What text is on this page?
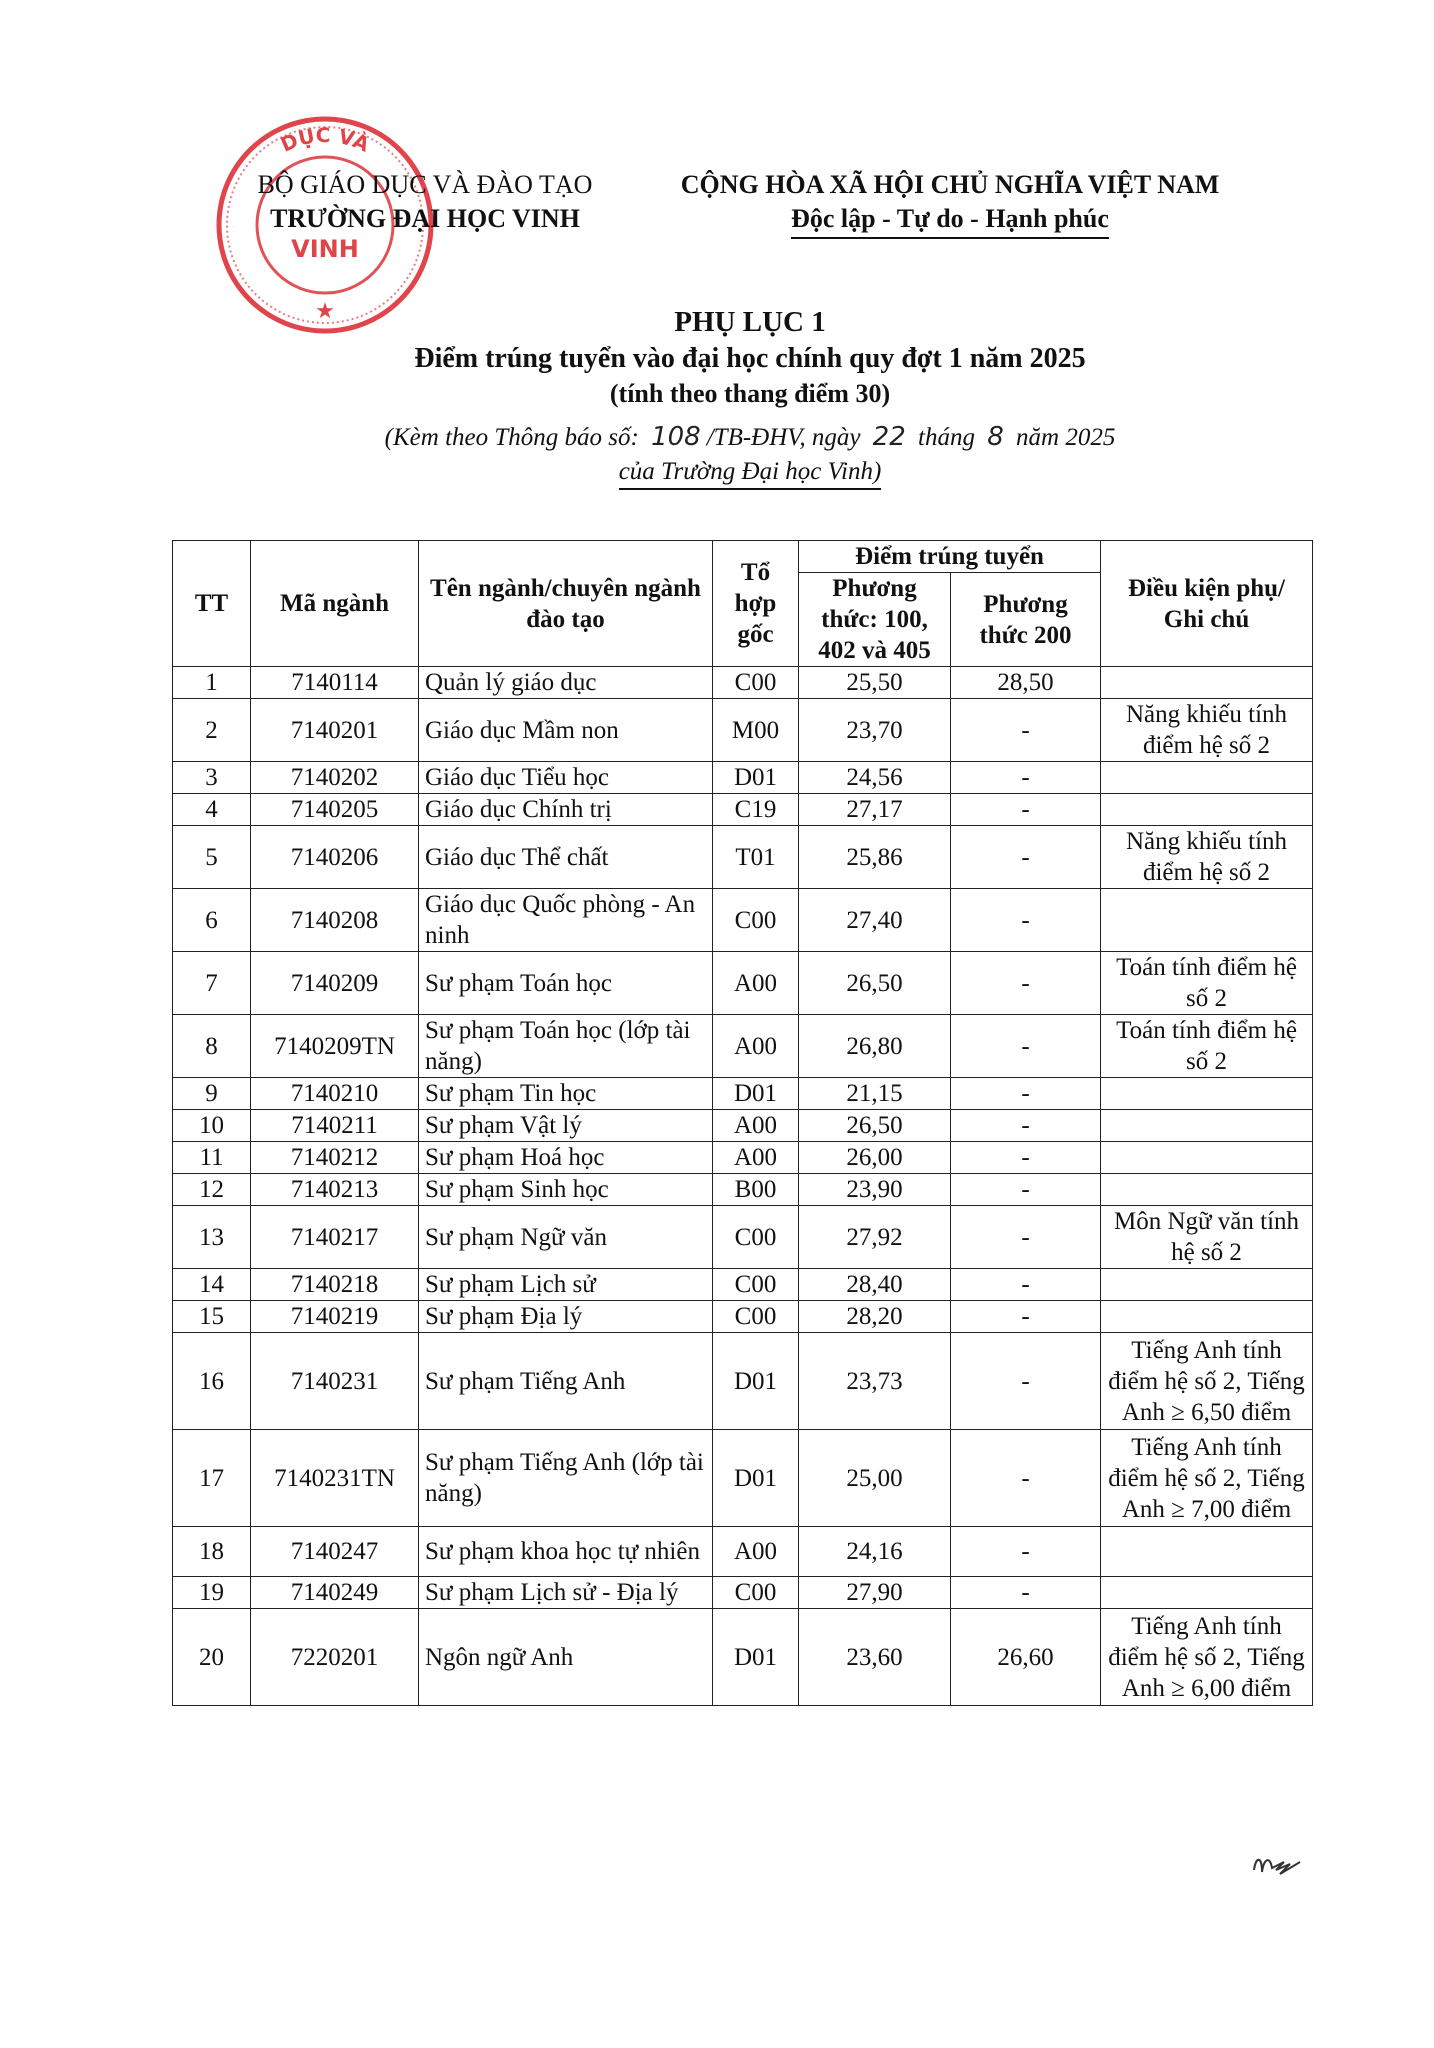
DỤC VÀ
VINH
★
BỘ GIÁO DỤC VÀ ĐÀO TẠO
TRƯỜNG ĐẠI HỌC VINH
CỘNG HÒA XÃ HỘI CHỦ NGHĨA VIỆT NAM
Độc lập - Tự do - Hạnh phúc
PHỤ LỤC 1
Điểm trúng tuyển vào đại học chính quy đợt 1 năm 2025
(tính theo thang điểm 30)
(Kèm theo Thông báo số: 108 /TB-ĐHV, ngày 22 tháng 8 năm 2025
của Trường Đại học Vinh)
TT	Mã ngành	Tên ngành/chuyên ngành đào tạo	Tổ hợp gốc	Điểm trúng tuyển		Điều kiện phụ/ Ghi chú
				Phương thức: 100, 402 và 405	Phương thức 200	
1	7140114	Quản lý giáo dục	C00	25,50	28,50	
2	7140201	Giáo dục Mầm non	M00	23,70	-	Năng khiếu tính điểm hệ số 2
3	7140202	Giáo dục Tiểu học	D01	24,56	-	
4	7140205	Giáo dục Chính trị	C19	27,17	-	
5	7140206	Giáo dục Thể chất	T01	25,86	-	Năng khiếu tính điểm hệ số 2
6	7140208	Giáo dục Quốc phòng - An ninh	C00	27,40	-	
7	7140209	Sư phạm Toán học	A00	26,50	-	Toán tính điểm hệ số 2
8	7140209TN	Sư phạm Toán học (lớp tài năng)	A00	26,80	-	Toán tính điểm hệ số 2
9	7140210	Sư phạm Tin học	D01	21,15	-	
10	7140211	Sư phạm Vật lý	A00	26,50	-	
11	7140212	Sư phạm Hoá học	A00	26,00	-	
12	7140213	Sư phạm Sinh học	B00	23,90	-	
13	7140217	Sư phạm Ngữ văn	C00	27,92	-	Môn Ngữ văn tính hệ số 2
14	7140218	Sư phạm Lịch sử	C00	28,40	-	
15	7140219	Sư phạm Địa lý	C00	28,20	-	
16	7140231	Sư phạm Tiếng Anh	D01	23,73	-	Tiếng Anh tính điểm hệ số 2, Tiếng Anh ≥ 6,50 điểm
17	7140231TN	Sư phạm Tiếng Anh (lớp tài năng)	D01	25,00	-	Tiếng Anh tính điểm hệ số 2, Tiếng Anh ≥ 7,00 điểm
18	7140247	Sư phạm khoa học tự nhiên	A00	24,16	-	
19	7140249	Sư phạm Lịch sử - Địa lý	C00	27,90	-	
20	7220201	Ngôn ngữ Anh	D01	23,60	26,60	Tiếng Anh tính điểm hệ số 2, Tiếng Anh ≥ 6,00 điểm
